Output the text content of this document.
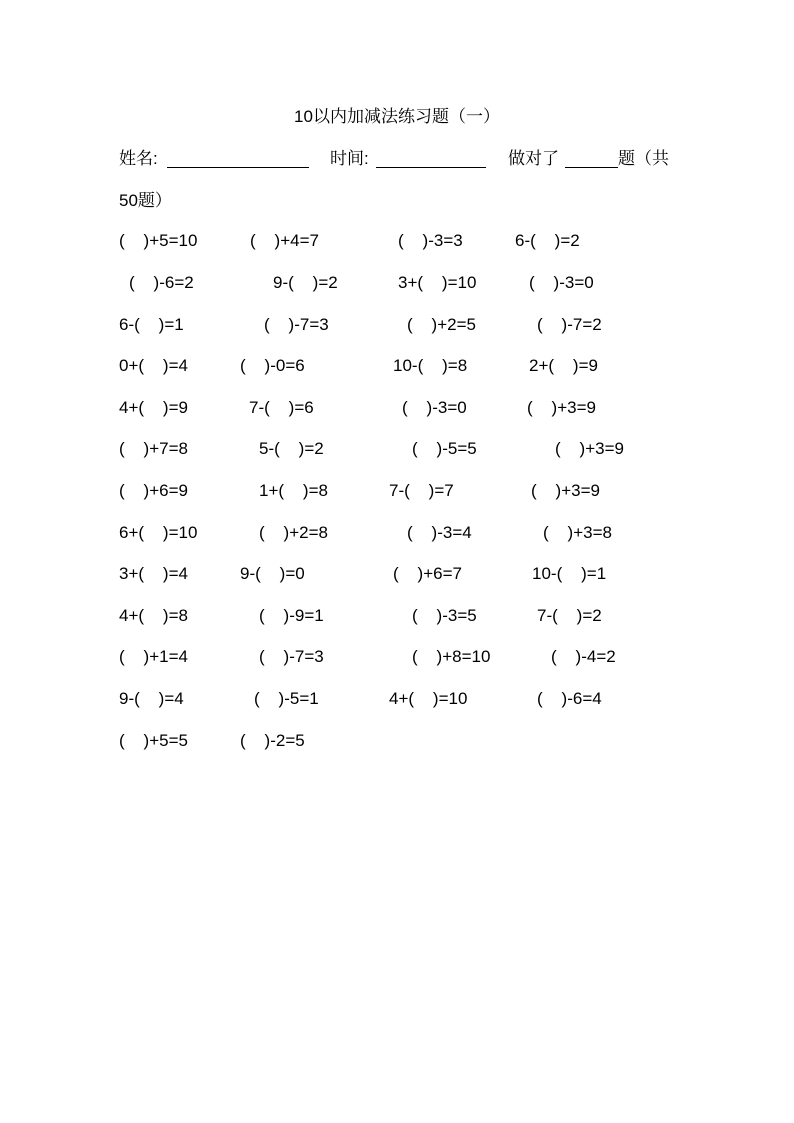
10以内加减法练习题（一）
姓名:	时间:	做对了	题（共
50题）
(    )+5=10	(    )+4=7	(    )-3=3	6-(    )=2
(    )-6=2	9-(    )=2	3+(    )=10	(    )-3=0
6-(    )=1	(    )-7=3	(    )+2=5	(    )-7=2
0+(    )=4	(    )-0=6	10-(    )=8	2+(    )=9
4+(    )=9	7-(    )=6	(    )-3=0	(    )+3=9
(    )+7=8	5-(    )=2	(    )-5=5	(    )+3=9
(    )+6=9	1+(    )=8	7-(    )=7	(    )+3=9
6+(    )=10	(    )+2=8	(    )-3=4	(    )+3=8
3+(    )=4	9-(    )=0	(    )+6=7	10-(    )=1
4+(    )=8	(    )-9=1	(    )-3=5	7-(    )=2
(    )+1=4	(    )-7=3	(    )+8=10	(    )-4=2
9-(    )=4	(    )-5=1	4+(    )=10	(    )-6=4
(    )+5=5	(    )-2=5
